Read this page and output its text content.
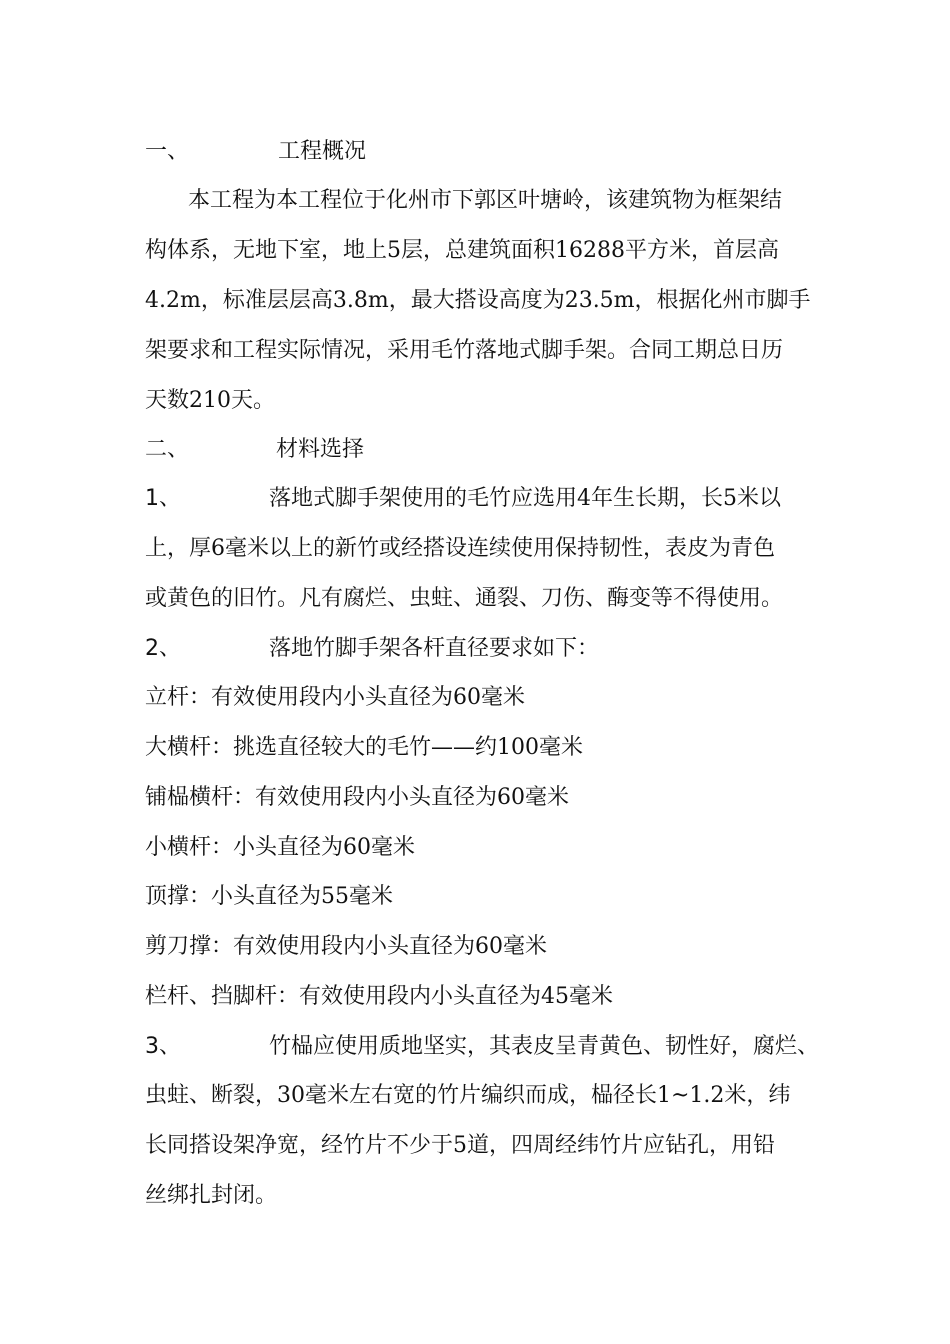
一、	工程概况
本工程为本工程位于化州市下郭区叶塘岭，该建筑物为框架结
构体系，无地下室，地上5层，总建筑面积16288平方米，首层高
4.2m，标准层层高3.8m，最大搭设高度为23.5m，根据化州市脚手
架要求和工程实际情况，采用毛竹落地式脚手架。合同工期总日历
天数210天。
二、	材料选择
1、	落地式脚手架使用的毛竹应选用4年生长期，长5米以
上，厚6毫米以上的新竹或经搭设连续使用保持韧性，表皮为青色
或黄色的旧竹。凡有腐烂、虫蛀、通裂、刀伤、酶变等不得使用。
2、	落地竹脚手架各杆直径要求如下：
立杆：有效使用段内小头直径为60毫米
大横杆：挑选直径较大的毛竹——约100毫米
铺榀横杆：有效使用段内小头直径为60毫米
小横杆：小头直径为60毫米
顶撑：小头直径为55毫米
剪刀撑：有效使用段内小头直径为60毫米
栏杆、挡脚杆：有效使用段内小头直径为45毫米
3、	竹榀应使用质地坚实，其表皮呈青黄色、韧性好，腐烂、
虫蛀、断裂，30毫米左右宽的竹片编织而成，榀径长1~1.2米，纬
长同搭设架净宽，经竹片不少于5道，四周经纬竹片应钻孔，用铅
丝绑扎封闭。
